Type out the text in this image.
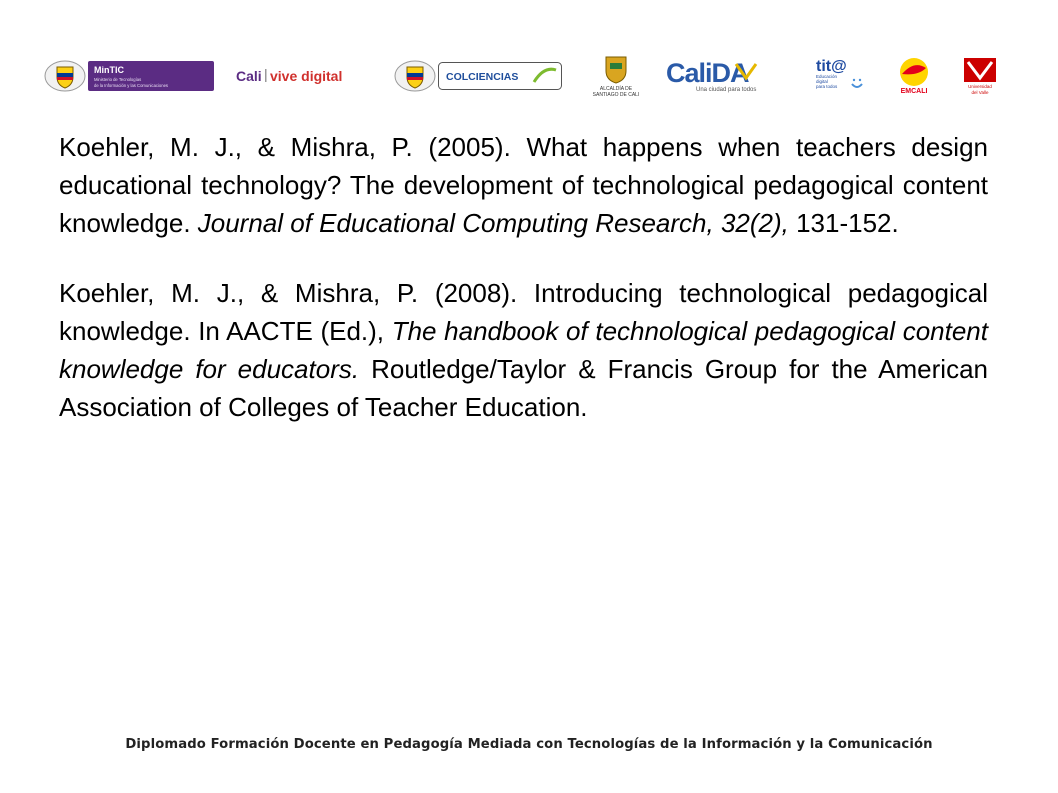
MinTIC
Ministerio de Tecnologías
de la Información y las Comunicaciones
Cali vive digital	COLCIENCIAS
ALCALDÍA DE
SANTIAGO DE CALI
CaliDA
Una ciudad para todos
tit@
Educación
digital
para todos
EMCALI
Universidad
del Valle

Koehler, M. J., & Mishra, P. (2005). What happens when teachers design educational technology? The development of technological pedagogical content knowledge. Journal of Educational Computing Research, 32(2), 131-152.

Koehler, M. J., & Mishra, P. (2008). Introducing technological pedagogical knowledge. In AACTE (Ed.), The handbook of technological pedagogical content knowledge for educators. Routledge/Taylor & Francis Group for the American Association of Colleges of Teacher Education.

Diplomado Formación Docente en Pedagogía Mediada con Tecnologías de la Información y la Comunicación
